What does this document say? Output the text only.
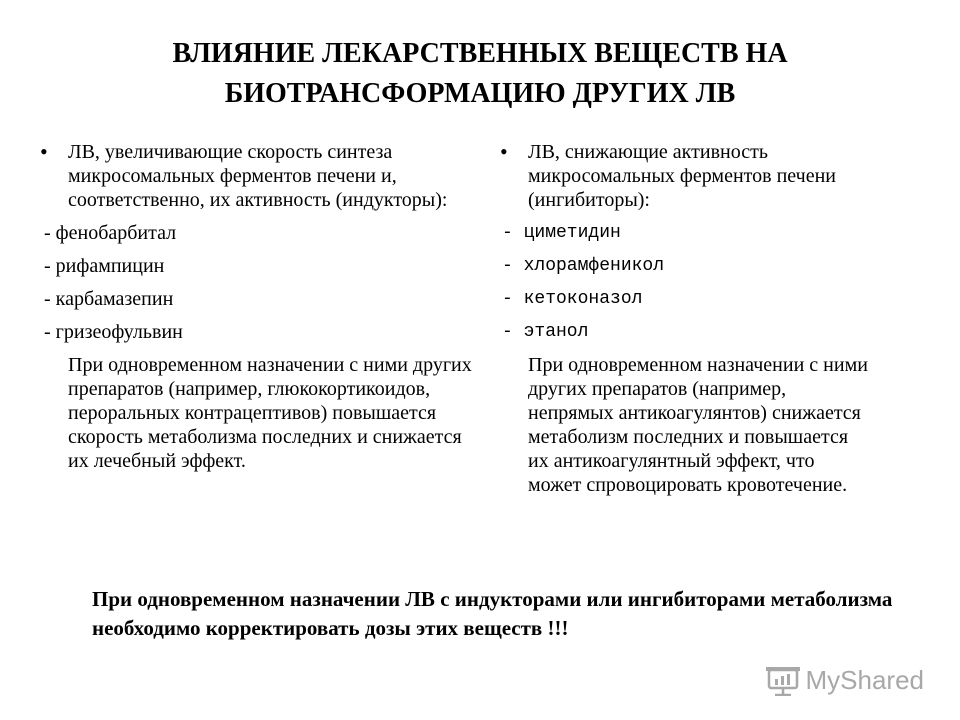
ВЛИЯНИЕ ЛЕКАРСТВЕННЫХ ВЕЩЕСТВ НА
БИОТРАНСФОРМАЦИЮ ДРУГИХ ЛВ
•	ЛВ, увеличивающие скорость синтеза микросомальных ферментов печени и, соответственно, их активность (индукторы):
- фенобарбитал
- рифампицин
- карбамазепин
- гризеофульвин
При одновременном назначении с ними других препаратов (например, глюкокортикоидов, пероральных контрацептивов) повышается скорость метаболизма последних и снижается их лечебный эффект.
•	ЛВ, снижающие активность микросомальных ферментов печени (ингибиторы):
- циметидин
- хлорамфеникол
- кетоконазол
- этанол
При одновременном назначении с ними других препаратов (например, непрямых антикоагулянтов) снижается метаболизм последних и повышается их антикоагулянтный эффект, что может спровоцировать кровотечение.
При одновременном назначении ЛВ с индукторами или ингибиторами метаболизма необходимо корректировать дозы этих веществ !!!
MyShared
